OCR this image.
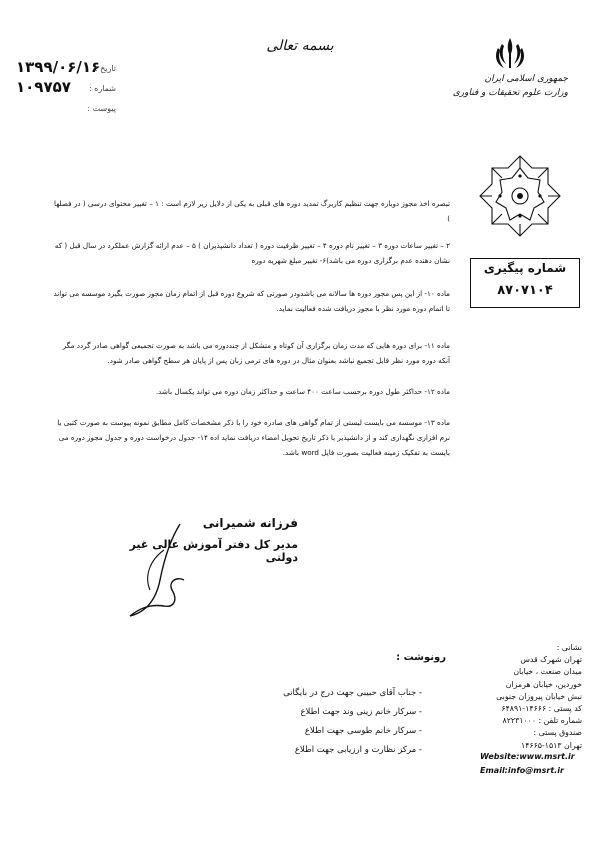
۱۳۹۹/۰۶/۱۶
تاریخ :
۱۰۹۷۵۷ شماره :
پیوست :
بسمه تعالی
جمهوری اسلامی ایران
وزارت علوم تحقیقات و فناوری
شماره پیگیری
۸۷۰۷۱۰۴

تبصره اخذ مجوز دوباره جهت تنظیم کاربرگ تمدید دوره های قبلی به یکی از دلایل زیر لازم است : ۱ – تغییر محتوای درسی ( در فصلها )

۲ – تغییر ساعات دوره ۳ – تغییر نام دوره ۴ – تغییر ظرفیت دوره ( تعداد دانشپذیران ) ۵ – عدم ارائه گزارش عملکرد در سال قبل ( که نشان دهنده عدم برگزاری دوره می باشد)۶- تغییر مبلغ شهریه دوره

ماده ۱۰- از این پس مجوز دوره ها سالانه می باشدودر صورتی که شروع دوره قبل از اتمام زمان مجوز صورت بگیرد موسسه می تواند تا اتمام دوره مورد نظر با مجوز دریافت شده فعالیت نماید.

ماده ۱۱- برای دوره هایی که مدت زمان برگزاری آن کوتاه و متشکل از چنددوره می باشد به صورت تجمیعی گواهی صادر گردد مگر آنکه دوره مورد نظر قابل تجمیع نباشد بعنوان مثال در دوره های ترمی زبان پس از پایان هر سطح گواهی صادر شود.

ماده ۱۲- حداکثر طول دوره برحسب ساعت ۴۰۰ ساعت و حداکثر زمان دوره می تواند یکسال باشد.

ماده ۱۳- موسسه می بایست لیستی از تمام گواهی های صادره خود را با ذکر مشخصات کامل مطابق نمونه پیوست به صورت کتبی یا نرم افزاری نگهداری کند و از دانشپذیر با ذکر تاریخ تحویل امضاء دریافت نماید اده ۱۴- جدول درخواست دوره و جدول مجوز دوره می بایست به تفکیک زمینه فعالیت بصورت فایل word باشد.

فرزانه شمیرانی
مدیر کل دفتر آموزش عالی غیر دولتی
رونوشت :

- جناب آقای حبیبی جهت درج در بایگانی

- سرکار خانم زینی وند جهت اطلاع

- سرکار خانم طوسی جهت اطلاع

- مرکز نظارت و ارزیابی جهت اطلاع

نشانی :

تهران شهرک قدس

میدان صنعت ، خیابان

خوردین، خیابان هرمزان

نبش خیابان پیروزان جنوبی

کد پستی : ۱۴۶۶۶-۶۴۸۹۱

شماره تلفن : ۸۲۲۳۱۰۰۰

صندوق پستی :

تهران ۱۵۱۳-۱۴۶۶۵

Website:www.msrt.ir
Email:info@msrt.ir
